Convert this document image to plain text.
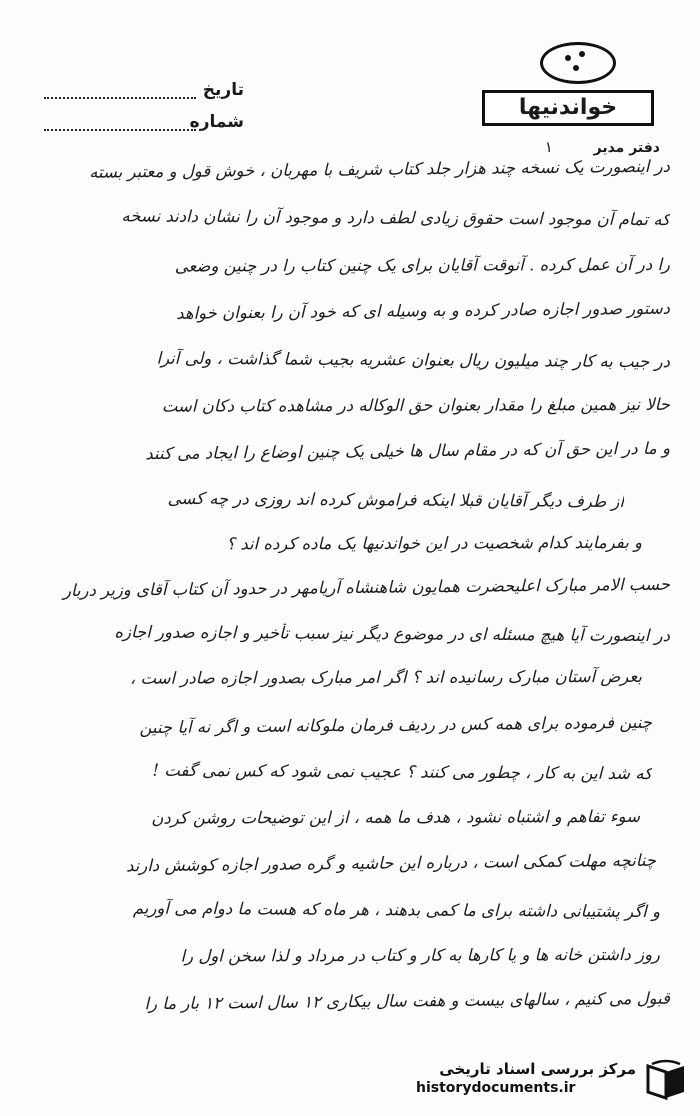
تاریخ
شماره
خواندنیها
دفتر مدیر ۱
در اینصورت یک نسخه چند هزار جلد کتاب شریف با مهربان ، خوش قول و معتبر بسته
که تمام آن موجود است حقوق زیادی لطف دارد و موجود آن را نشان دادند نسخه
را در آن عمل کرده . آنوقت آقایان برای یک چنین کتاب را در چنین وضعی
دستور صدور اجازه صادر کرده و به وسیله ای که خود آن را بعنوان خواهد
در جیب به کار چند میلیون ریال بعنوان عشریه بجیب شما گذاشت ، ولی آنرا
حالا نیز همین مبلغ را مقدار بعنوان حق الوکاله در مشاهده کتاب دکان است
و ما در این حق آن که در مقام سال ها خیلی یک چنین اوضاع را ایجاد می کنند
از طرف دیگر آقایان قبلا اینکه فراموش کرده اند روزی در چه کسی
و بفرمایند کدام شخصیت در این خواندنیها یک ماده کرده اند ؟
حسب الامر مبارک اعلیحضرت همایون شاهنشاه آریامهر در حدود آن کتاب آقای وزیر دربار
در اینصورت آیا هیچ مسئله ای در موضوع دیگر نیز سبب تأخیر و اجازه صدور اجازه
بعرض آستان مبارک رسانیده اند ؟ اگر امر مبارک بصدور اجازه صادر است ،
چنین فرموده برای همه کس در ردیف فرمان ملوکانه است و اگر نه آیا چنین
که شد این به کار ، چطور می کنند ؟ عجیب نمی شود که کس نمی گفت !
سوء تفاهم و اشتباه نشود ، هدف ما همه ، از این توضیحات روشن کردن
چنانچه مهلت کمکی است ، درباره این حاشیه و گره صدور اجازه کوشش دارند
و اگر پشتیبانی داشته برای ما کمی بدهند ، هر ماه که هست ما دوام می آوریم
روز داشتن خانه ها و یا کارها به کار و کتاب در مرداد و لذا سخن اول را
قبول می کنیم ، سالهای بیست و هفت سال بیکاری ۱۲ سال است ۱۲ بار ما را
مرکز بررسی اسناد تاریخی
historydocuments.ir
